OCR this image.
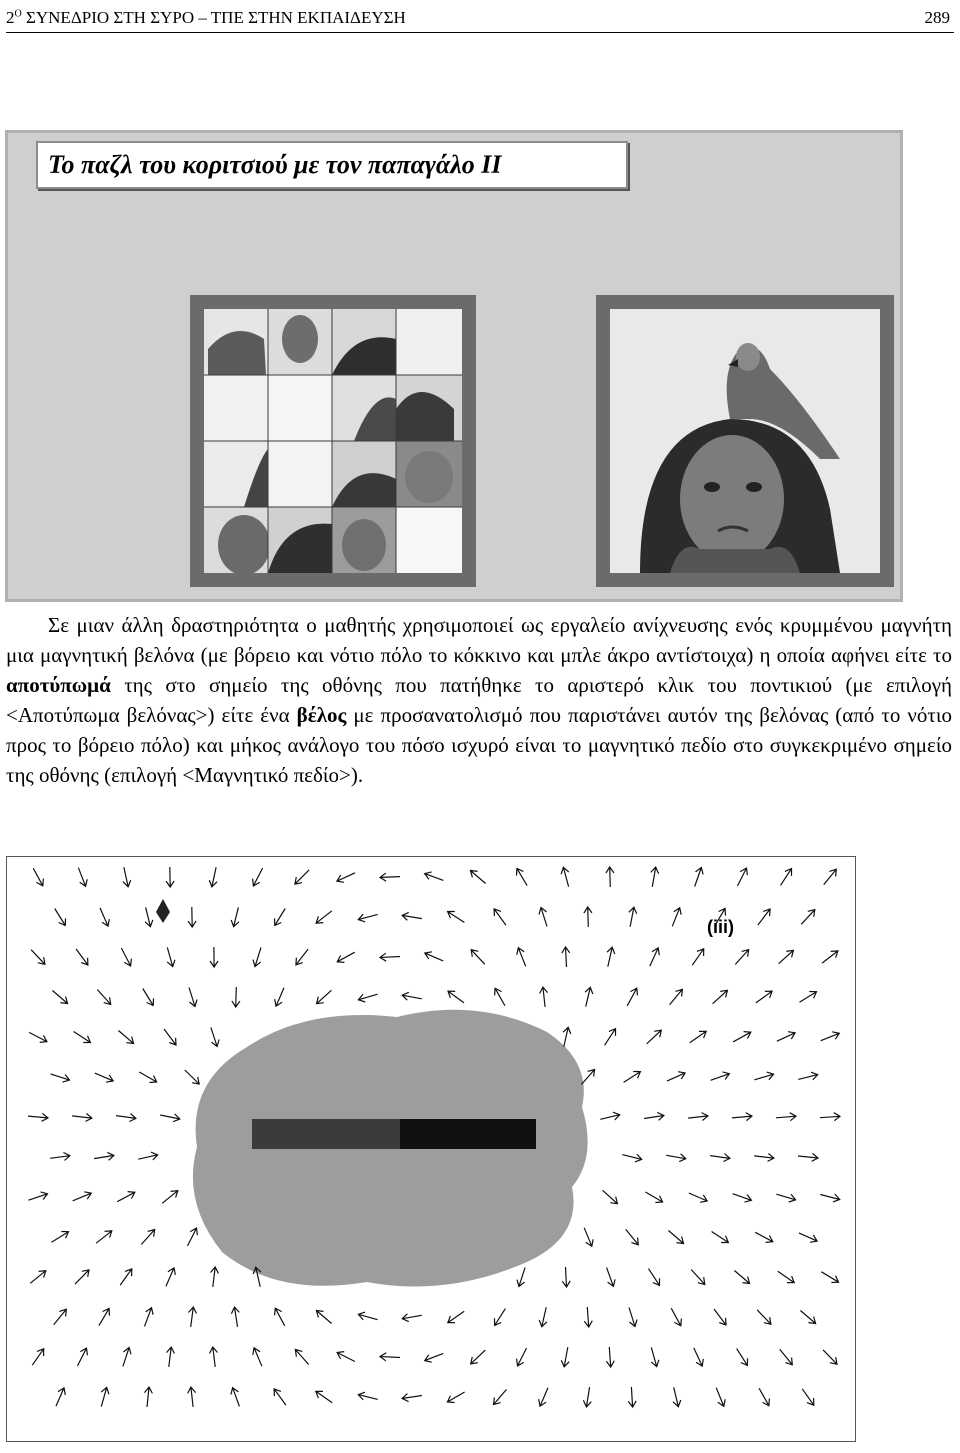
$2^O$ ΣΥΝΕΔΡΙΟ ΣΤΗ ΣΥΡΟ – ΤΠΕ ΣΤΗΝ ΕΚΠΑΙΔΕΥΣΗ	289
Το παζλ του κοριτσιού με τον παπαγάλο ΙΙ
Σε μιαν άλλη δραστηριότητα ο μαθητής χρησιμοποιεί ως εργαλείο ανίχνευσης ενός κρυμμένου μαγνήτη μια μαγνητική βελόνα (με βόρειο και νότιο πόλο το κόκκινο και μπλε άκρο αντίστοιχα) η οποία αφήνει είτε το αποτύπωμά της στο σημείο της οθόνης που πατήθηκε το αριστερό κλικ του ποντικιού (με επιλογή <Αποτύπωμα βελόνας>) είτε ένα βέλος με προσανατολισμό που παριστάνει αυτόν της βελόνας (από το νότιο προς το βόρειο πόλο) και μήκος ανάλογο του πόσο ισχυρό είναι το μαγνητικό πεδίο στο συγκεκριμένο σημείο της οθόνης (επιλογή <Μαγνητικό πεδίο>).
(iii)
